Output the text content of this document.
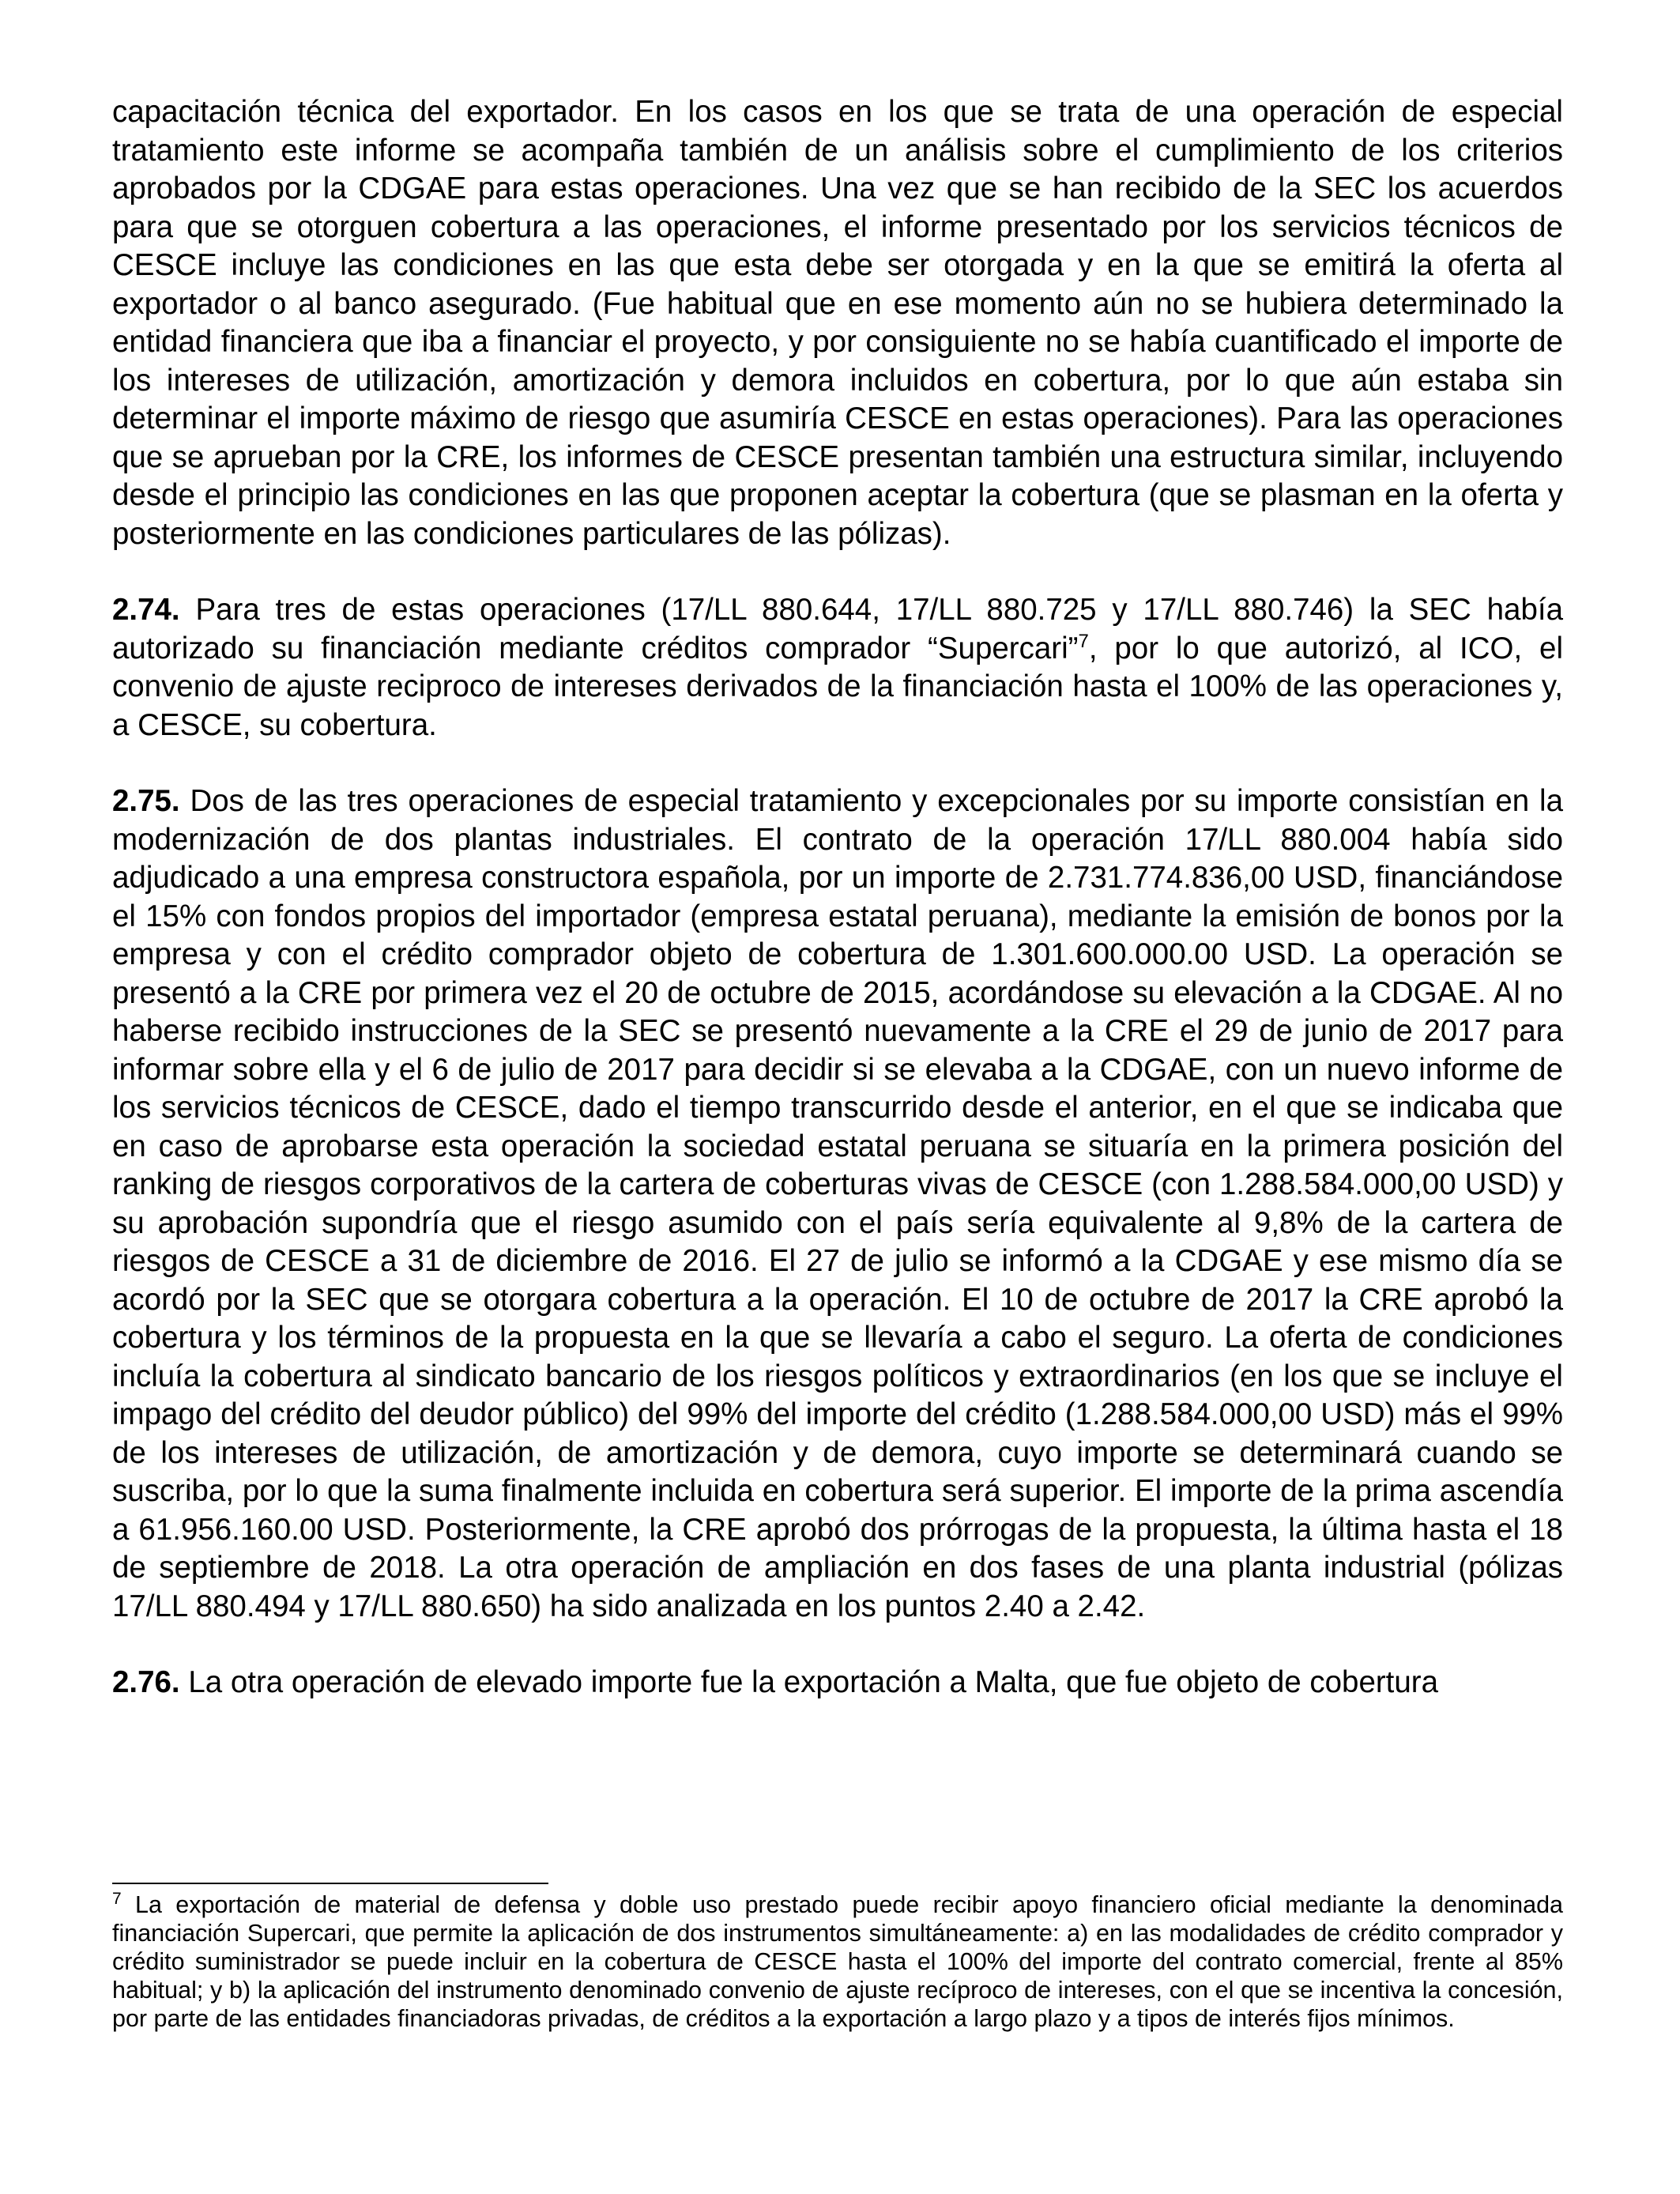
capacitación técnica del exportador. En los casos en los que se trata de una operación de especial tratamiento este informe se acompaña también de un análisis sobre el cumplimiento de los criterios aprobados por la CDGAE para estas operaciones. Una vez que se han recibido de la SEC los acuerdos para que se otorguen cobertura a las operaciones, el informe presentado por los servicios técnicos de CESCE incluye las condiciones en las que esta debe ser otorgada y en la que se emitirá la oferta al exportador o al banco asegurado. (Fue habitual que en ese momento aún no se hubiera determinado la entidad financiera que iba a financiar el proyecto, y por consiguiente no se había cuantificado el importe de los intereses de utilización, amortización y demora incluidos en cobertura, por lo que aún estaba sin determinar el importe máximo de riesgo que asumiría CESCE en estas operaciones). Para las operaciones que se aprueban por la CRE, los informes de CESCE presentan también una estructura similar, incluyendo desde el principio las condiciones en las que proponen aceptar la cobertura (que se plasman en la oferta y posteriormente en las condiciones particulares de las pólizas).

2.74. Para tres de estas operaciones (17/LL 880.644, 17/LL 880.725 y 17/LL 880.746) la SEC había autorizado su financiación mediante créditos comprador “Supercari”$^7$, por lo que autorizó, al ICO, el convenio de ajuste reciproco de intereses derivados de la financiación hasta el 100% de las operaciones y, a CESCE, su cobertura.

2.75. Dos de las tres operaciones de especial tratamiento y excepcionales por su importe consistían en la modernización de dos plantas industriales. El contrato de la operación 17/LL 880.004 había sido adjudicado a una empresa constructora española, por un importe de 2.731.774.836,00 USD, financiándose el 15% con fondos propios del importador (empresa estatal peruana), mediante la emisión de bonos por la empresa y con el crédito comprador objeto de cobertura de 1.301.600.000.00 USD. La operación se presentó a la CRE por primera vez el 20 de octubre de 2015, acordándose su elevación a la CDGAE. Al no haberse recibido instrucciones de la SEC se presentó nuevamente a la CRE el 29 de junio de 2017 para informar sobre ella y el 6 de julio de 2017 para decidir si se elevaba a la CDGAE, con un nuevo informe de los servicios técnicos de CESCE, dado el tiempo transcurrido desde el anterior, en el que se indicaba que en caso de aprobarse esta operación la sociedad estatal peruana se situaría en la primera posición del ranking de riesgos corporativos de la cartera de coberturas vivas de CESCE (con 1.288.584.000,00 USD) y su aprobación supondría que el riesgo asumido con el país sería equivalente al 9,8% de la cartera de riesgos de CESCE a 31 de diciembre de 2016. El 27 de julio se informó a la CDGAE y ese mismo día se acordó por la SEC que se otorgara cobertura a la operación. El 10 de octubre de 2017 la CRE aprobó la cobertura y los términos de la propuesta en la que se llevaría a cabo el seguro. La oferta de condiciones incluía la cobertura al sindicato bancario de los riesgos políticos y extraordinarios (en los que se incluye el impago del crédito del deudor público) del 99% del importe del crédito (1.288.584.000,00 USD) más el 99% de los intereses de utilización, de amortización y de demora, cuyo importe se determinará cuando se suscriba, por lo que la suma finalmente incluida en cobertura será superior. El importe de la prima ascendía a 61.956.160.00 USD. Posteriormente, la CRE aprobó dos prórrogas de la propuesta, la última hasta el 18 de septiembre de 2018. La otra operación de ampliación en dos fases de una planta industrial (pólizas 17/LL 880.494 y 17/LL 880.650) ha sido analizada en los puntos 2.40 a 2.42.

2.76. La otra operación de elevado importe fue la exportación a Malta, que fue objeto de cobertura

$^7$ La exportación de material de defensa y doble uso prestado puede recibir apoyo financiero oficial mediante la denominada financiación Supercari, que permite la aplicación de dos instrumentos simultáneamente: a) en las modalidades de crédito comprador y crédito suministrador se puede incluir en la cobertura de CESCE hasta el 100% del importe del contrato comercial, frente al 85% habitual; y b) la aplicación del instrumento denominado convenio de ajuste recíproco de intereses, con el que se incentiva la concesión, por parte de las entidades financiadoras privadas, de créditos a la exportación a largo plazo y a tipos de interés fijos mínimos.
